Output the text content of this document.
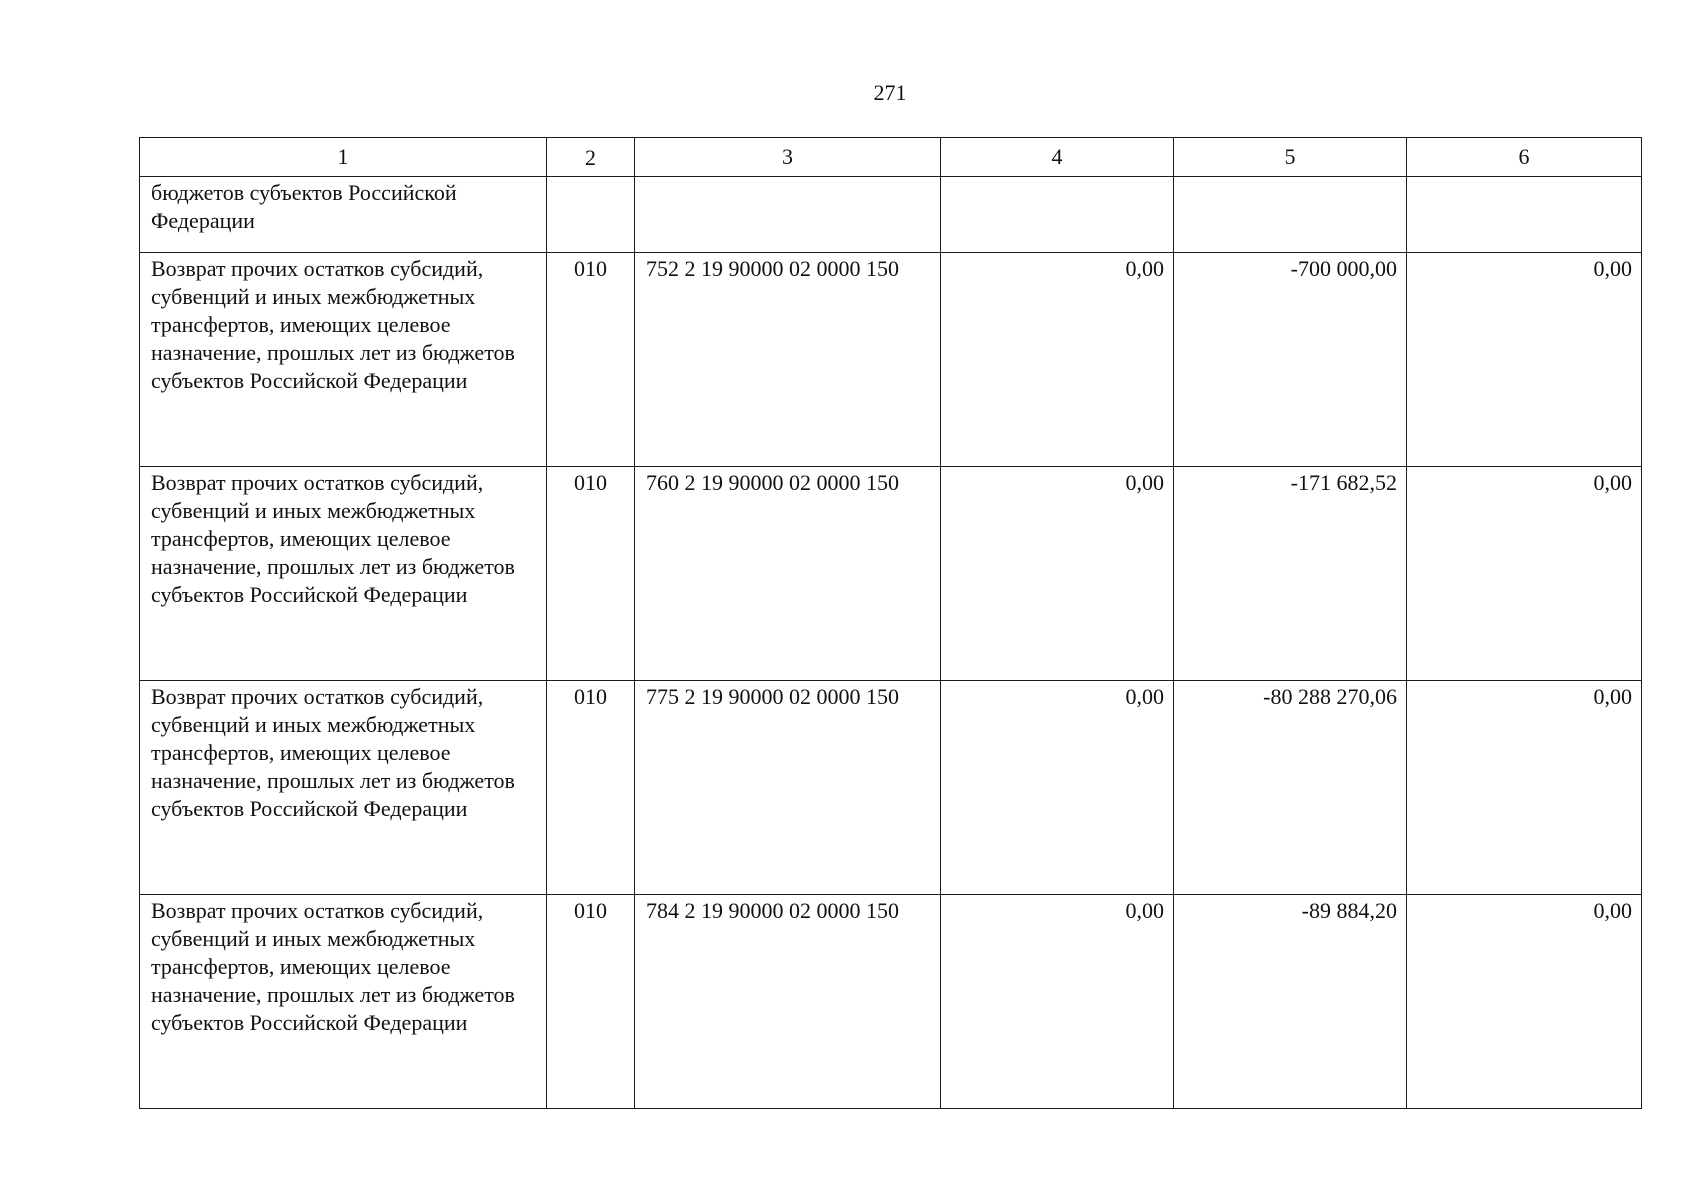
271
1	2	3	4	5	6
бюджетов субъектов Российской Федерации					
Возврат прочих остатков субсидий, субвенций и иных межбюджетных трансфертов, имеющих целевое назначение, прошлых лет из бюджетов субъектов Российской Федерации	010	752 2 19 90000 02 0000 150	0,00	-700 000,00	0,00
Возврат прочих остатков субсидий, субвенций и иных межбюджетных трансфертов, имеющих целевое назначение, прошлых лет из бюджетов субъектов Российской Федерации	010	760 2 19 90000 02 0000 150	0,00	-171 682,52	0,00
Возврат прочих остатков субсидий, субвенций и иных межбюджетных трансфертов, имеющих целевое назначение, прошлых лет из бюджетов субъектов Российской Федерации	010	775 2 19 90000 02 0000 150	0,00	-80 288 270,06	0,00
Возврат прочих остатков субсидий, субвенций и иных межбюджетных трансфертов, имеющих целевое назначение, прошлых лет из бюджетов субъектов Российской Федерации	010	784 2 19 90000 02 0000 150	0,00	-89 884,20	0,00
